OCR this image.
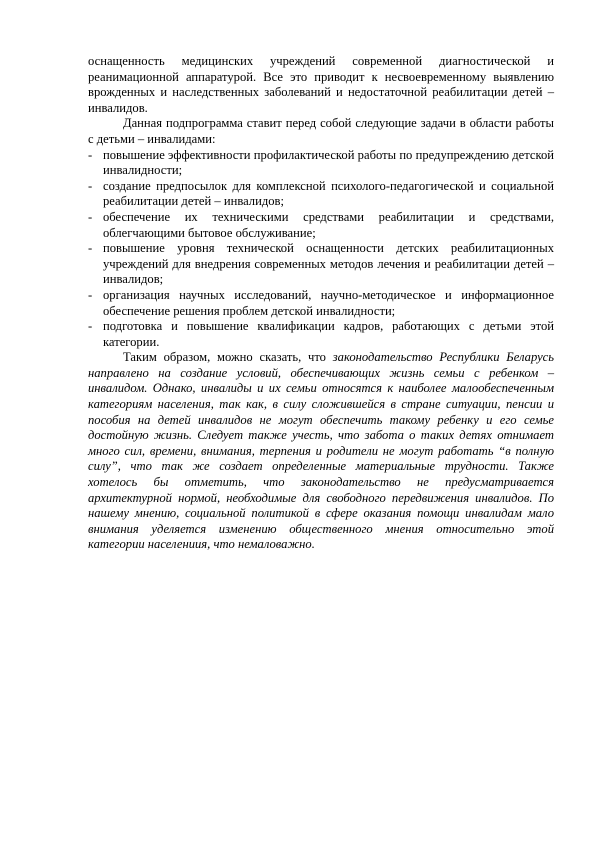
оснащенность медицинских учреждений современной диагностической и реанимационной аппаратурой. Все это приводит к несвоевременному выявлению врожденных и наследственных заболеваний и недостаточной реабилитации детей – инвалидов.

Данная подпрограмма ставит перед собой следующие задачи в области работы с детьми – инвалидами:

- повышение эффективности профилактической работы по предупреждению детской инвалидности;
- создание предпосылок для комплексной психолого-педагогической и социальной реабилитации детей – инвалидов;
- обеспечение их техническими средствами реабилитации и средствами, облегчающими бытовое обслуживание;
- повышение уровня технической оснащенности детских реабилитационных учреждений для внедрения современных методов лечения и реабилитации детей – инвалидов;
- организация научных исследований, научно-методическое и информационное обеспечение решения проблем детской инвалидности;
- подготовка и повышение квалификации кадров, работающих с детьми этой категории.

Таким образом, можно сказать, что законодательство Республики Беларусь направлено на создание условий, обеспечивающих жизнь семьи с ребенком – инвалидом. Однако, инвалиды и их семьи относятся к наиболее малообеспеченным категориям населения, так как, в силу сложившейся в стране ситуации, пенсии и пособия на детей инвалидов не могут обеспечить такому ребенку и его семье достойную жизнь. Следует также учесть, что забота о таких детях отнимает много сил, времени, внимания, терпения и родители не могут работать “в полную силу”, что так же создает определенные материальные трудности. Также хотелось бы отметить, что законодательство не предусматривается архитектурной нормой, необходимые для свободного передвижения инвалидов. По нашему мнению, социальной политикой в сфере оказания помощи инвалидам мало внимания уделяется изменению общественного мнения относительно этой категории населениия, что немаловажно.
